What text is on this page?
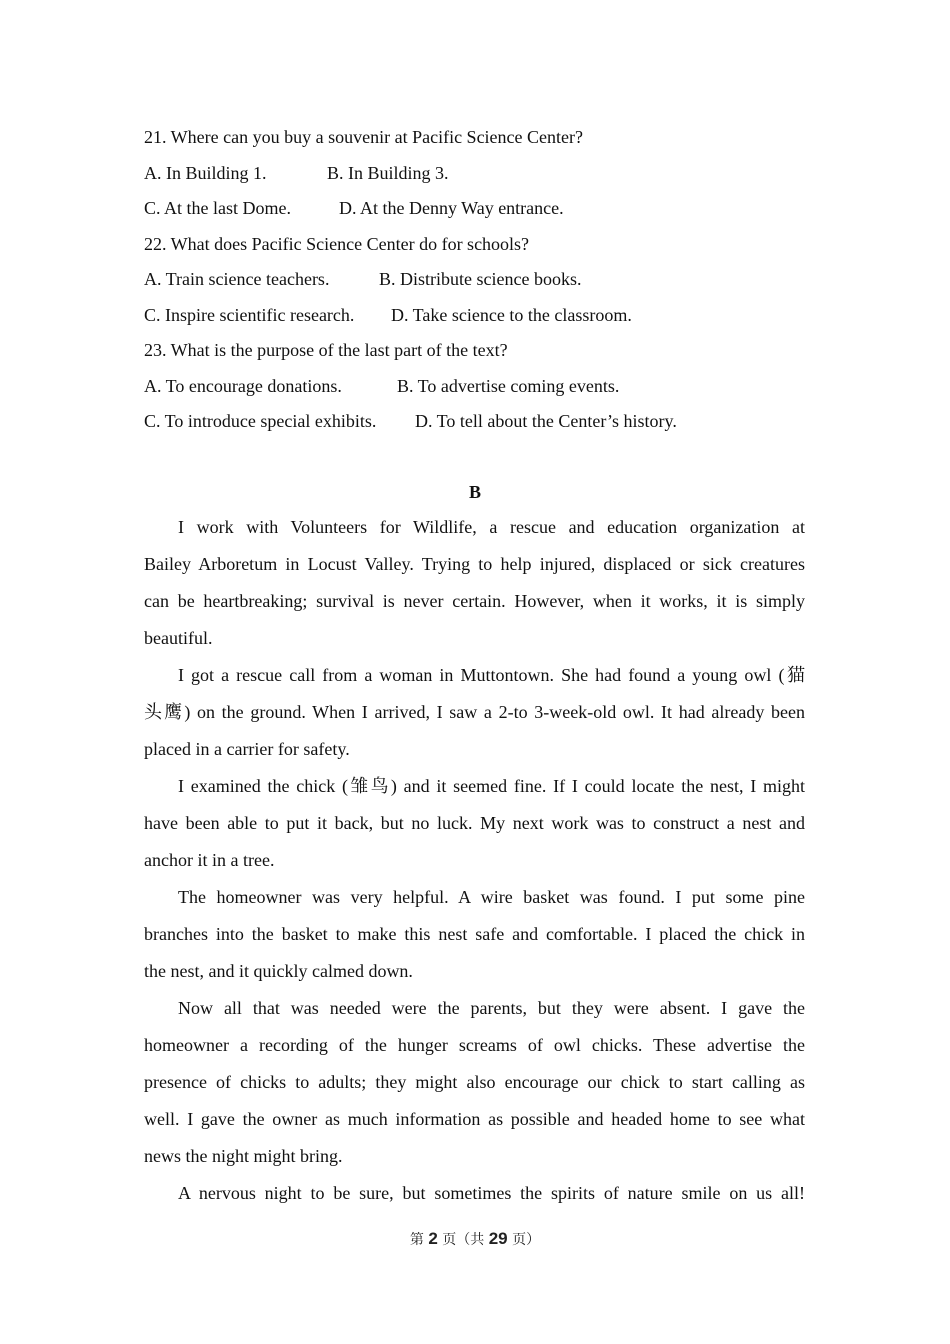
21. Where can you buy a souvenir at Pacific Science Center?
A. In Building 1.	B. In Building 3.
C. At the last Dome.	D. At the Denny Way entrance.
22. What does Pacific Science Center do for schools?
A. Train science teachers.	B. Distribute science books.
C. Inspire scientific research. D. Take science to the classroom.
23. What is the purpose of the last part of the text?
A. To encourage donations.	B. To advertise coming events.
C. To introduce special exhibits. D. To tell about the Center’s history.
B
I work with Volunteers for Wildlife, a rescue and education organization at
Bailey Arboretum in Locust Valley. Trying to help injured, displaced or sick creatures
can be heartbreaking; survival is never certain. However, when it works, it is simply
beautiful.
I got a rescue call from a woman in Muttontown. She had found a young owl (猫
头鹰) on the ground. When I arrived, I saw a 2-to 3-week-old owl. It had already been
placed in a carrier for safety.
I examined the chick (雏鸟) and it seemed fine. If I could locate the nest, I might
have been able to put it back, but no luck. My next work was to construct a nest and
anchor it in a tree.
The homeowner was very helpful. A wire basket was found. I put some pine
branches into the basket to make this nest safe and comfortable. I placed the chick in
the nest, and it quickly calmed down.
Now all that was needed were the parents, but they were absent. I gave the
homeowner a recording of the hunger screams of owl chicks. These advertise the
presence of chicks to adults; they might also encourage our chick to start calling as
well. I gave the owner as much information as possible and headed home to see what
news the night might bring.
A nervous night to be sure, but sometimes the spirits of nature smile on us all!
第 2 页（共 29 页）
